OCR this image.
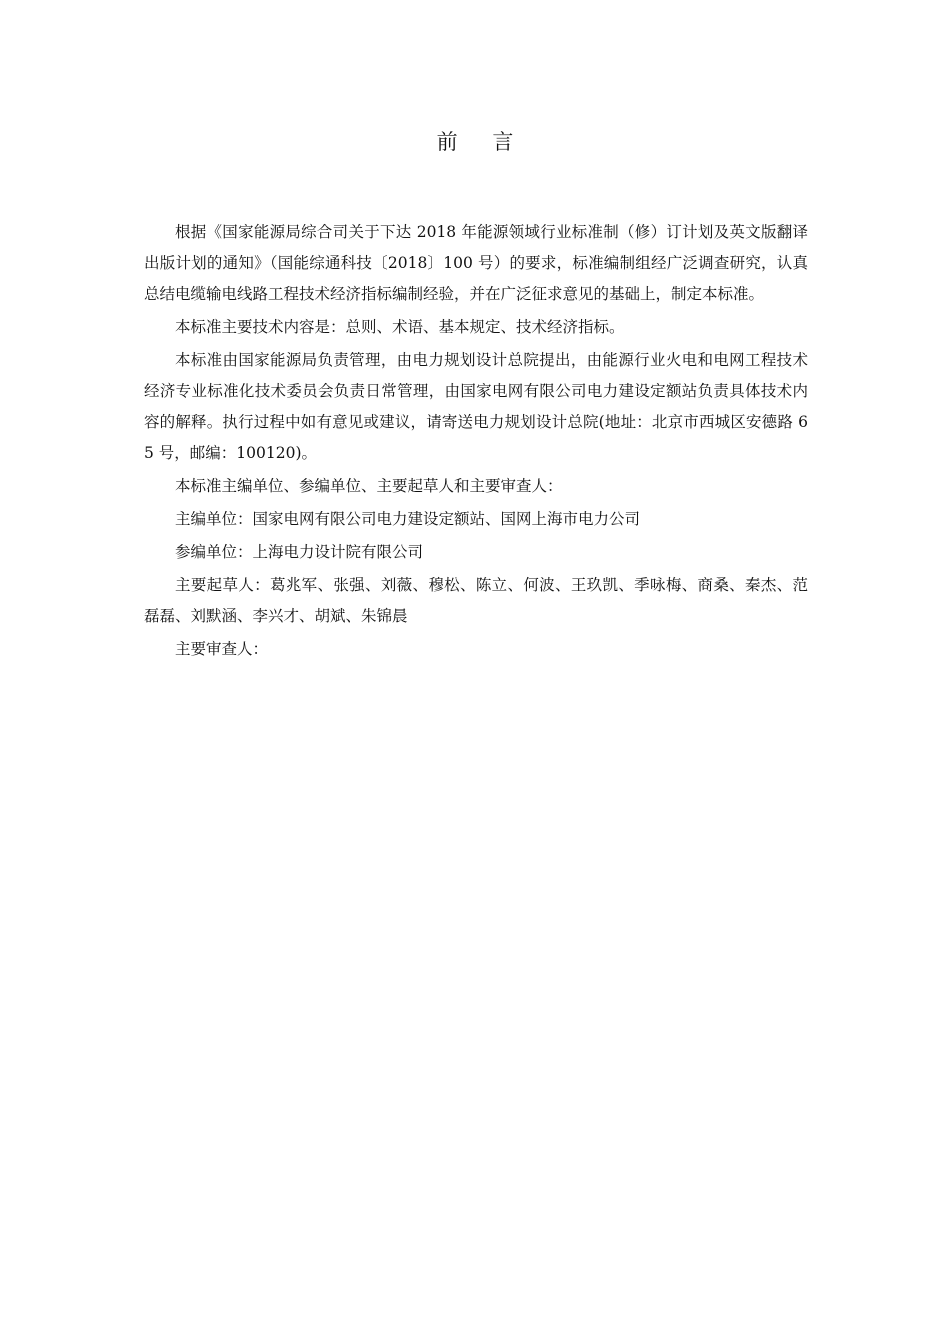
前 言

根据《国家能源局综合司关于下达 2018 年能源领域行业标准制（修）订计划及英文版翻译出版计划的通知》（国能综通科技〔2018〕100 号）的要求，标准编制组经广泛调查研究，认真总结电缆输电线路工程技术经济指标编制经验，并在广泛征求意见的基础上，制定本标准。

本标准主要技术内容是：总则、术语、基本规定、技术经济指标。

本标准由国家能源局负责管理，由电力规划设计总院提出，由能源行业火电和电网工程技术经济专业标准化技术委员会负责日常管理，由国家电网有限公司电力建设定额站负责具体技术内容的解释。执行过程中如有意见或建议，请寄送电力规划设计总院(地址：北京市西城区安德路 65 号，邮编：100120)。

本标准主编单位、参编单位、主要起草人和主要审查人：

主编单位：国家电网有限公司电力建设定额站、国网上海市电力公司

参编单位：上海电力设计院有限公司

主要起草人：葛兆军、张强、刘薇、穆松、陈立、何波、王玖凯、季咏梅、商桑、秦杰、范磊磊、刘默涵、李兴才、胡斌、朱锦晨

主要审查人：
